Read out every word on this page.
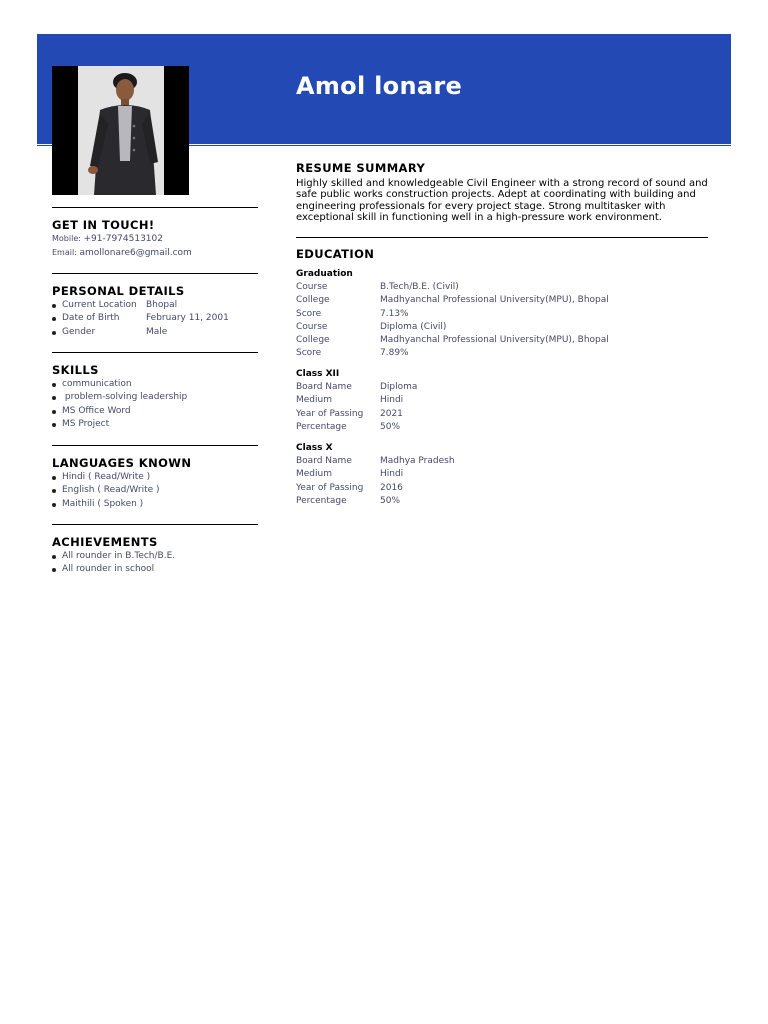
Amol lonare
GET IN TOUCH!
Mobile: +91-7974513102
Email: amollonare6@gmail.com
PERSONAL DETAILS
Current Location Bhopal
Date of Birth	February 11, 2001
Gender	Male
SKILLS
communication
problem-solving leadership
MS Office Word
MS Project
LANGUAGES KNOWN
Hindi ( Read/Write )
English ( Read/Write )
Maithili ( Spoken )
ACHIEVEMENTS
All rounder in B.Tech/B.E.
All rounder in school
RESUME SUMMARY
Highly skilled and knowledgeable Civil Engineer with a strong record of sound and safe public works construction projects. Adept at coordinating with building and engineering professionals for every project stage. Strong multitasker with exceptional skill in functioning well in a high-pressure work environment.
EDUCATION
Graduation
Course	B.Tech/B.E. (Civil)
College	Madhyanchal Professional University(MPU), Bhopal
Score	7.13%
Course	Diploma (Civil)
College	Madhyanchal Professional University(MPU), Bhopal
Score	7.89%
Class XII
Board Name	Diploma
Medium	Hindi
Year of Passing 2021
Percentage	50%
Class X
Board Name	Madhya Pradesh
Medium	Hindi
Year of Passing 2016
Percentage	50%
